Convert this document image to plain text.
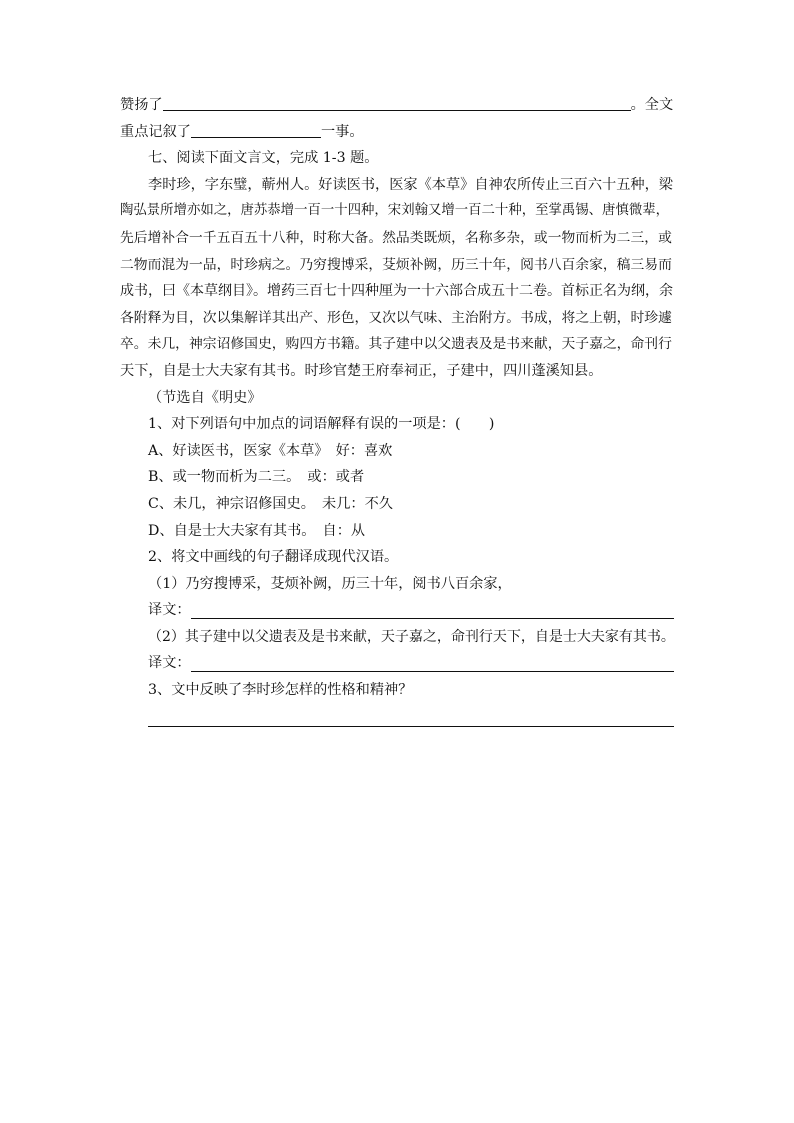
赞扬了	。全文
重点记叙了	一事。
七、阅读下面文言文，完成 1-3 题。
李时珍，字东璧，蕲州人。好读医书，医家《本草》自神农所传止三百六十五种，梁
陶弘景所增亦如之，唐苏恭增一百一十四种，宋刘翰又增一百二十种，至掌禹锡、唐慎微辈，
先后增补合一千五百五十八种，时称大备。然品类既烦，名称多杂，或一物而析为二三，或
二物而混为一品，时珍病之。乃穷搜博采，芟烦补阙，历三十年，阅书八百余家，稿三易而
成书，曰《本草纲目》。增药三百七十四种厘为一十六部合成五十二卷。首标正名为纲，余
各附释为目，次以集解详其出产、形色，又次以气味、主治附方。书成，将之上朝，时珍遽
卒。未几，神宗诏修国史，购四方书籍。其子建中以父遗表及是书来献，天子嘉之，命刊行
天下，自是士大夫家有其书。时珍官楚王府奉祠正，子建中，四川蓬溪知县。
（节选自《明史》
1、对下列语句中加点的词语解释有误的一项是：(　　)
A、好读医书，医家《本草》　好：喜欢
B、或一物而析为二三。　或：或者
C、未几，神宗诏修国史。　未几：不久
D、自是士大夫家有其书。　自：从
2、将文中画线的句子翻译成现代汉语。
（1）乃穷搜博采，芟烦补阙，历三十年，阅书八百余家，
译文：
（2）其子建中以父遗表及是书来献，天子嘉之，命刊行天下，自是士大夫家有其书。
译文：
3、文中反映了李时珍怎样的性格和精神？
